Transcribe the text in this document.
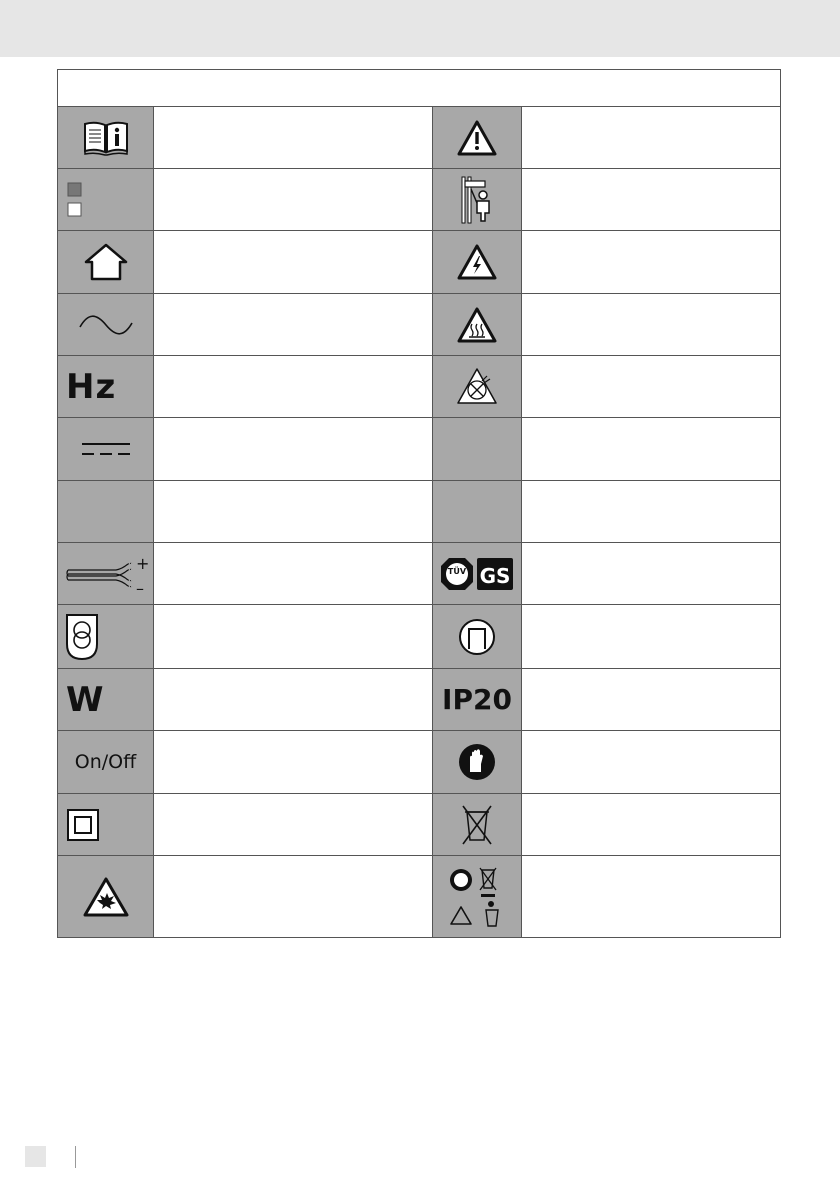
Hz
+
–
TÜV GS
W	IP20
On/Off
